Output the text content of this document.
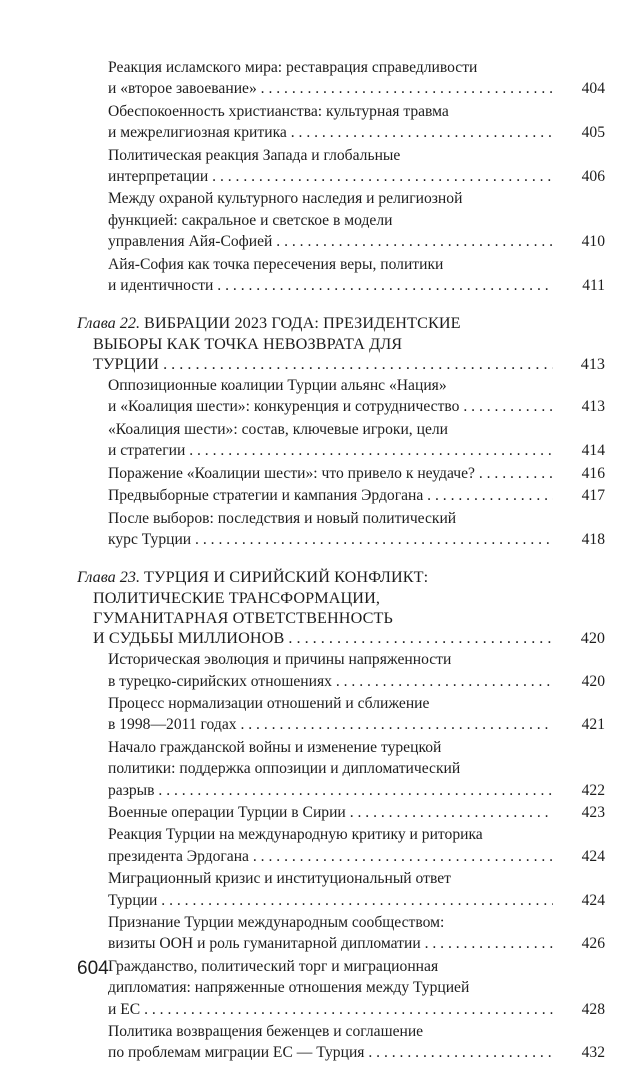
Реакция исламского мира: реставрация справедливости
и «второе завоевание» . . .	404
Обеспокоенность христианства: культурная травма
и межрелигиозная критика . . .	405
Политическая реакция Запада и глобальные
интерпретации . . .	406
Между охраной культурного наследия и религиозной
функцией: сакральное и светское в модели
управления Айя-Софией . . .	410
Айя-София как точка пересечения веры, политики
и идентичности . . .	411
Глава 22. ВИБРАЦИИ 2023 ГОДА: ПРЕЗИДЕНТСКИЕ
ВЫБОРЫ КАК ТОЧКА НЕВОЗВРАТА ДЛЯ
ТУРЦИИ . . .	413
Оппозиционные коалиции Турции альянс «Нация»
и «Коалиция шести»: конкуренция и сотрудничество . . .	413
«Коалиция шести»: состав, ключевые игроки, цели
и стратегии . . .	414
Поражение «Коалиции шести»: что привело к неудаче? . . .	416
Предвыборные стратегии и кампания Эрдогана . . .	417
После выборов: последствия и новый политический
курс Турции . . .	418
Глава 23. ТУРЦИЯ И СИРИЙСКИЙ КОНФЛИКТ:
ПОЛИТИЧЕСКИЕ ТРАНСФОРМАЦИИ,
ГУМАНИТАРНАЯ ОТВЕТСТВЕННОСТЬ
И СУДЬБЫ МИЛЛИОНОВ . . .	420
Историческая эволюция и причины напряженности
в турецко-сирийских отношениях . . .	420
Процесс нормализации отношений и сближение
в 1998—2011 годах . . .	421
Начало гражданской войны и изменение турецкой
политики: поддержка оппозиции и дипломатический
разрыв . . .	422
Военные операции Турции в Сирии . . .	423
Реакция Турции на международную критику и риторика
президента Эрдогана . . .	424
Миграционный кризис и институциональный ответ
Турции . . .	424
Признание Турции международным сообществом:
визиты ООН и роль гуманитарной дипломатии . . .	426
Гражданство, политический торг и миграционная
дипломатия: напряженные отношения между Турцией
и ЕС . . .	428
Политика возвращения беженцев и соглашение
по проблемам миграции ЕС — Турция . . .	432
604
